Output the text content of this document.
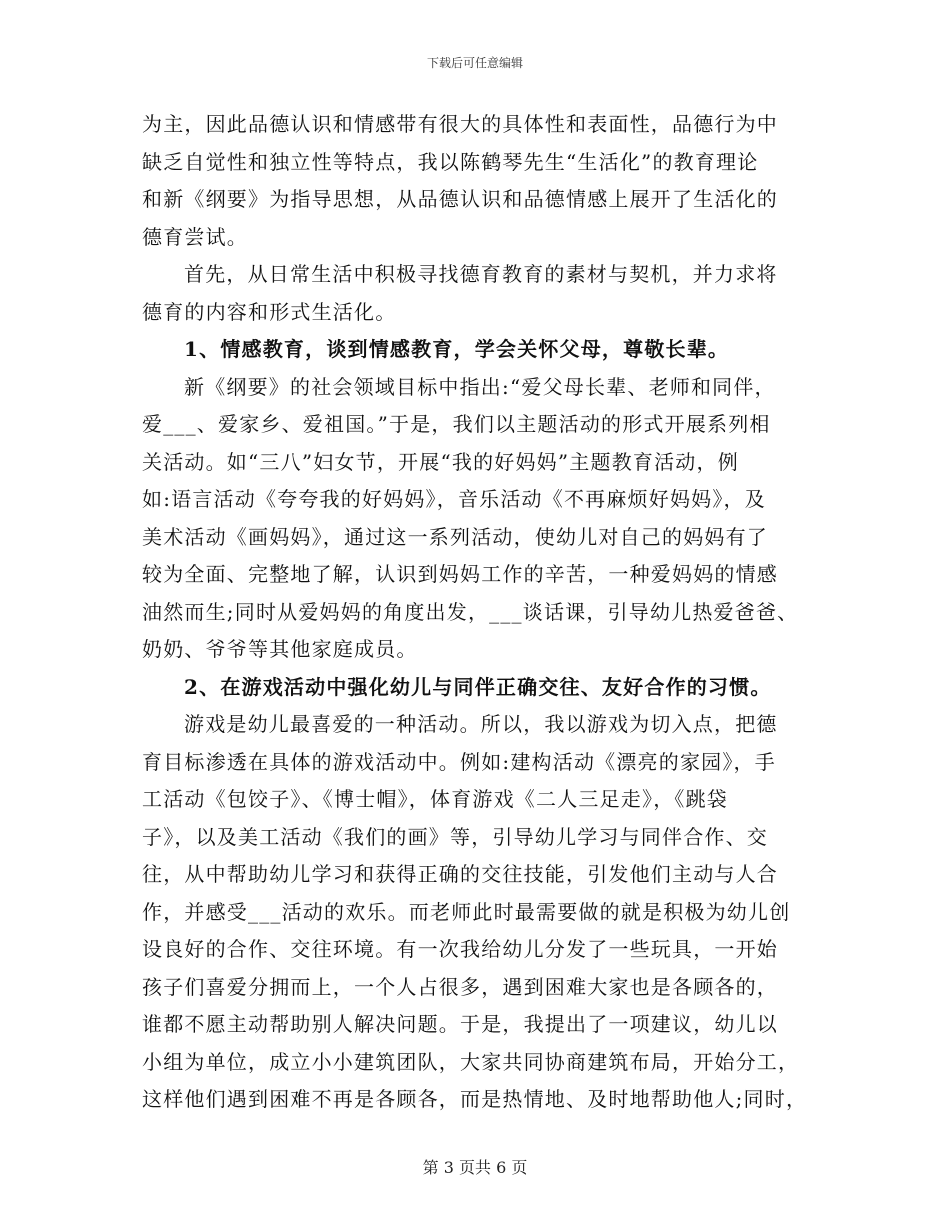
下载后可任意编辑
为主，因此品德认识和情感带有很大的具体性和表面性，品德行为中
缺乏自觉性和独立性等特点，我以陈鹤琴先生“生活化”的教育理论
和新《纲要》为指导思想，从品德认识和品德情感上展开了生活化的
德育尝试。
首先，从日常生活中积极寻找德育教育的素材与契机，并力求将
德育的内容和形式生活化。
1、情感教育，谈到情感教育，学会关怀父母，尊敬长辈。
新《纲要》的社会领域目标中指出:“爱父母长辈、老师和同伴，
爱___、爱家乡、爱祖国。”于是，我们以主题活动的形式开展系列相
关活动。如“三八”妇女节，开展“我的好妈妈”主题教育活动，例
如:语言活动《夸夸我的好妈妈》，音乐活动《不再麻烦好妈妈》，及
美术活动《画妈妈》，通过这一系列活动，使幼儿对自己的妈妈有了
较为全面、完整地了解，认识到妈妈工作的辛苦，一种爱妈妈的情感
油然而生;同时从爱妈妈的角度出发，___谈话课，引导幼儿热爱爸爸、
奶奶、爷爷等其他家庭成员。
2、在游戏活动中强化幼儿与同伴正确交往、友好合作的习惯。
游戏是幼儿最喜爱的一种活动。所以，我以游戏为切入点，把德
育目标渗透在具体的游戏活动中。例如:建构活动《漂亮的家园》，手
工活动《包饺子》、《博士帽》，体育游戏《二人三足走》，《跳袋
子》，以及美工活动《我们的画》等，引导幼儿学习与同伴合作、交
往，从中帮助幼儿学习和获得正确的交往技能，引发他们主动与人合
作，并感受___活动的欢乐。而老师此时最需要做的就是积极为幼儿创
设良好的合作、交往环境。有一次我给幼儿分发了一些玩具，一开始
孩子们喜爱分拥而上，一个人占很多，遇到困难大家也是各顾各的，
谁都不愿主动帮助别人解决问题。于是，我提出了一项建议，幼儿以
小组为单位，成立小小建筑团队，大家共同协商建筑布局，开始分工，
这样他们遇到困难不再是各顾各，而是热情地、及时地帮助他人;同时，
第 3 页共 6 页
